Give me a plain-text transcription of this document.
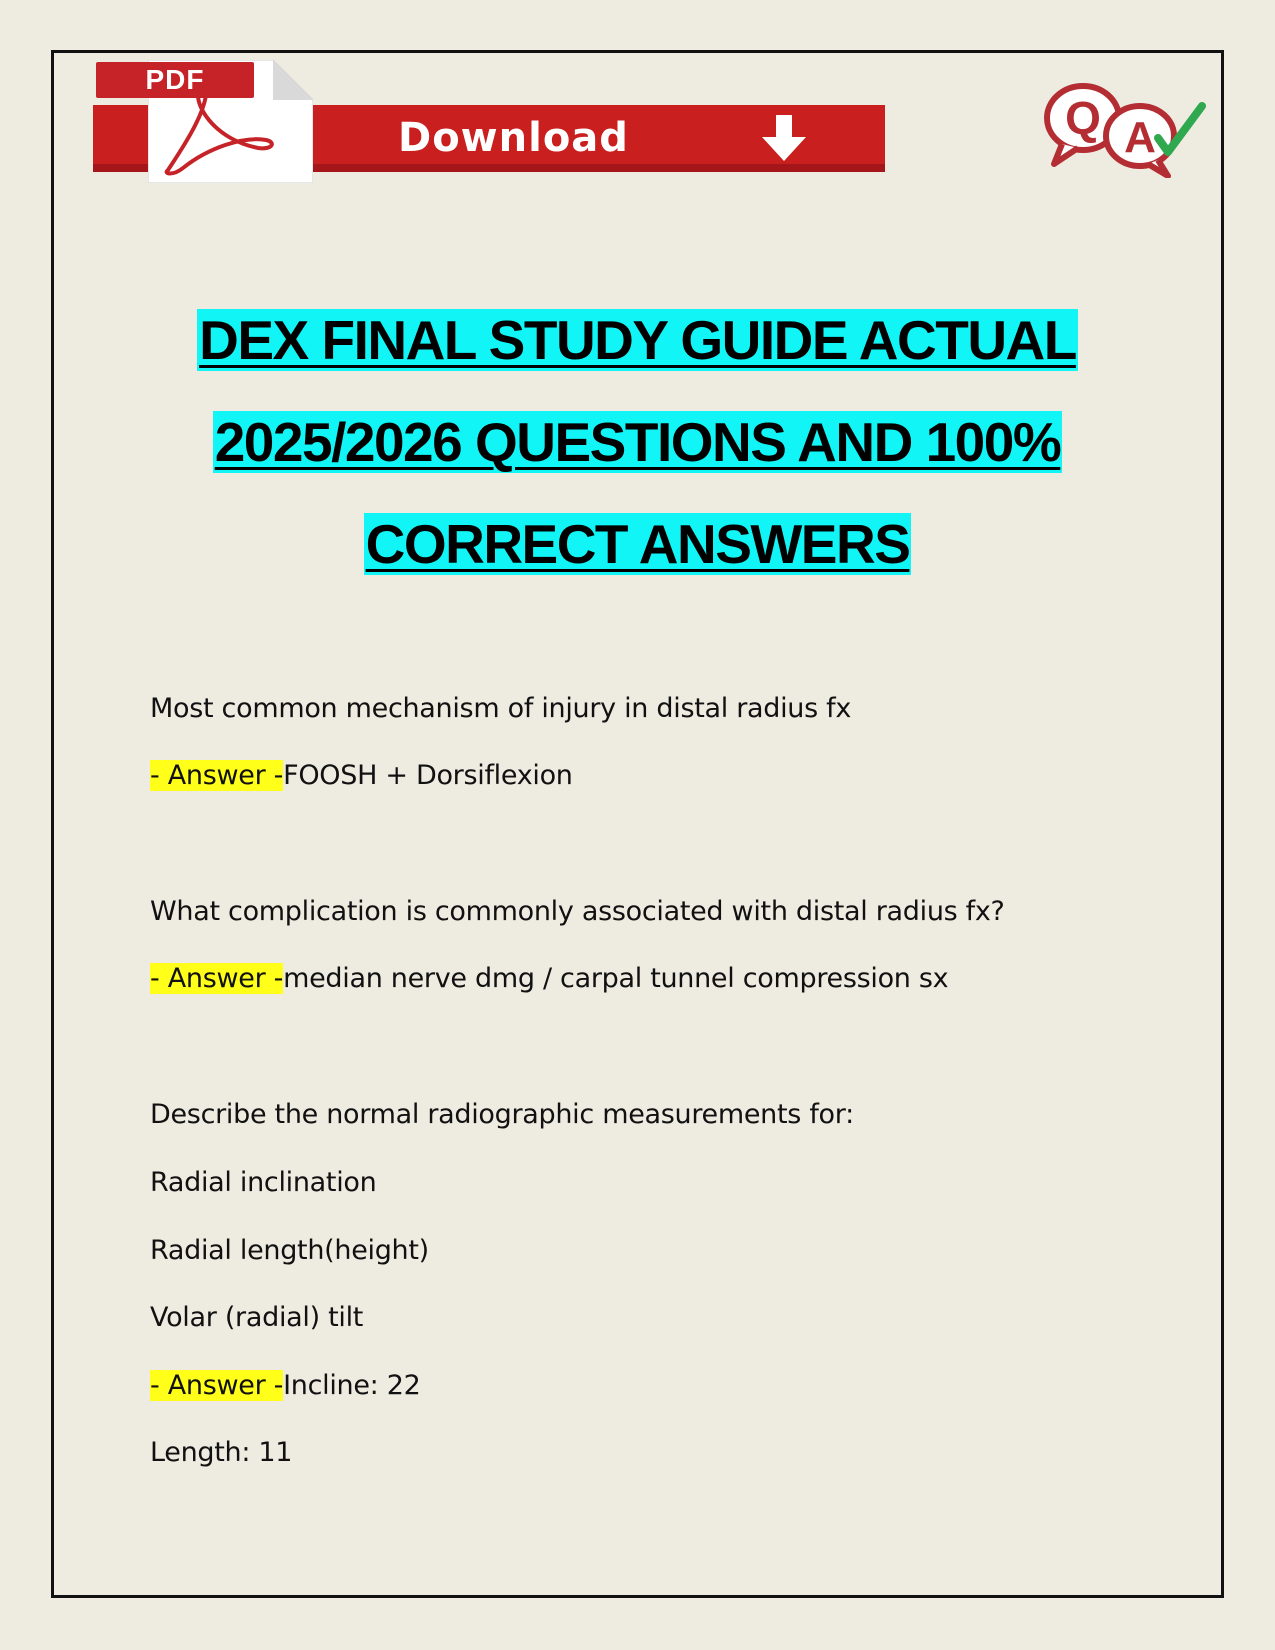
PDF
Download	Q A
DEX FINAL STUDY GUIDE ACTUAL
2025/2026 QUESTIONS AND 100%
CORRECT ANSWERS
Most common mechanism of injury in distal radius fx
- Answer -FOOSH + Dorsiflexion
What complication is commonly associated with distal radius fx?
- Answer -median nerve dmg / carpal tunnel compression sx
Describe the normal radiographic measurements for:
Radial inclination
Radial length(height)
Volar (radial) tilt
- Answer -Incline: 22
Length: 11
